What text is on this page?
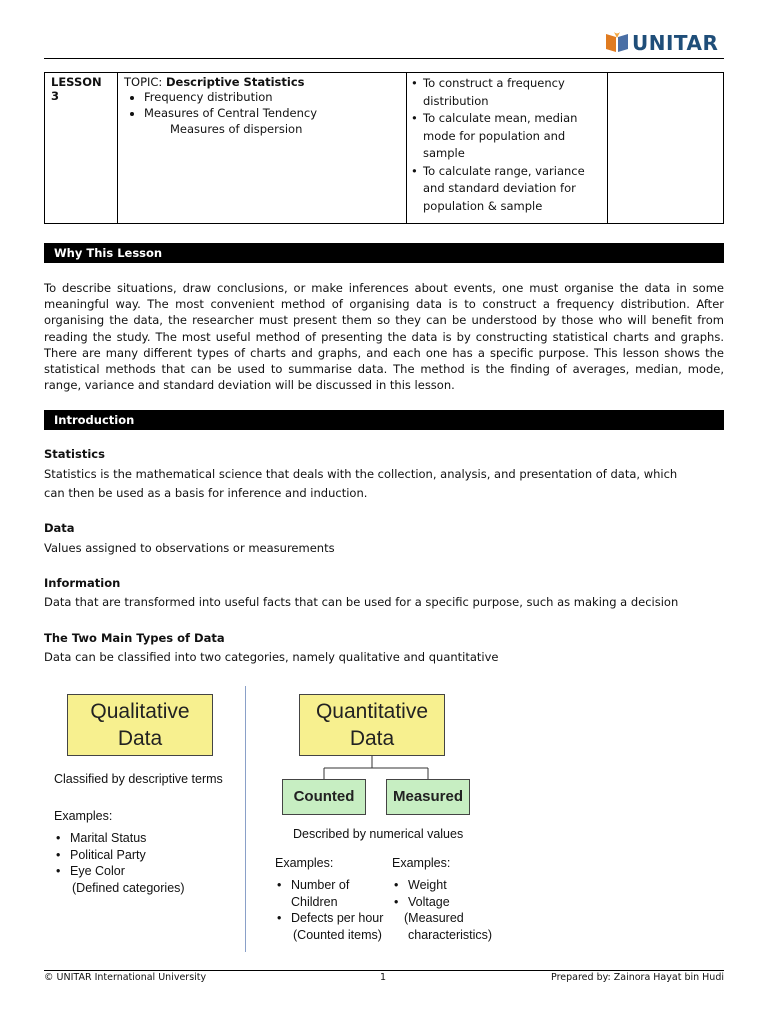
UNITAR
LESSON 3	
TOPIC: Descriptive Statistics
• Frequency distribution
• Measures of Central Tendency
Measures of dispersion

• To construct a frequency distribution
• To calculate mean, median mode for population and sample
• To calculate range, variance and standard deviation for population & sample

Why This Lesson
To describe situations, draw conclusions, or make inferences about events, one must organise the data in some meaningful way. The most convenient method of organising data is to construct a frequency distribution. After organising the data, the researcher must present them so they can be understood by those who will benefit from reading the study. The most useful method of presenting the data is by constructing statistical charts and graphs. There are many different types of charts and graphs, and each one has a specific purpose. This lesson shows the statistical methods that can be used to summarise data. The method is the finding of averages, median, mode, range, variance and standard deviation will be discussed in this lesson.
Introduction
Statistics
Statistics is the mathematical science that deals with the collection, analysis, and presentation of data, which
can then be used as a basis for inference and induction.
Data
Values assigned to observations or measurements
Information
Data that are transformed into useful facts that can be used for a specific purpose, such as making a decision
The Two Main Types of Data
Data can be classified into two categories, namely qualitative and quantitative
Qualitative
Data
Classified by descriptive terms
Examples:
• Marital Status
• Political Party
• Eye Color
(Defined categories)
Quantitative
Data
Counted	Measured
Described by numerical values
Examples:
• Number of
Children
• Defects per hour
(Counted items)
Examples:
• Weight
• Voltage
(Measured
characteristics)
© UNITAR International University	1	Prepared by: Zainora Hayat bin Hudi
